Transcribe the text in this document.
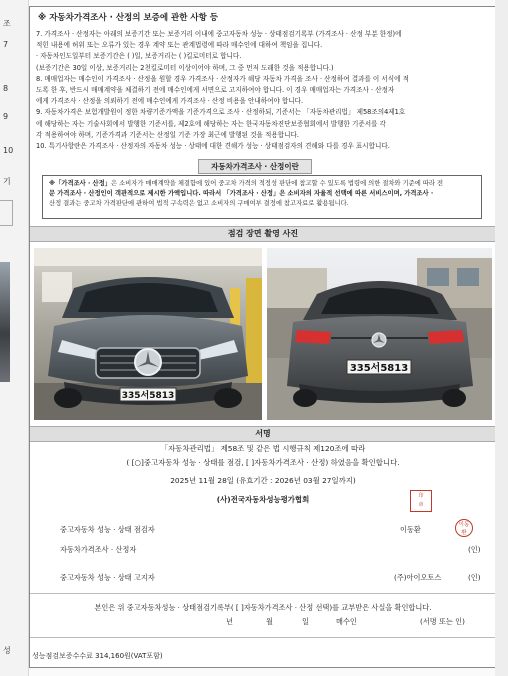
조
7
8
9
10
기
성
※ 자동차가격조사 · 산정의 보증에 관한 사항 등
7. 가격조사 · 산정자는 아래의 보증기간 또는 보증거리 이내에 중고자동차 성능 · 상태점검기록부 (가격조사 · 산정 부분 한정)에
적힌 내용에 허위 또는 오류가 있는 경우 계약 또는 관계법령에 따라 매수인에 대하여 책임을 집니다.
· 자동차인도일부터 보증기간은 ( )일, 보증거리는 ( )킬로미터로 합니다.
(보증기간은 30일 이상, 보증거리는 2천킬로미터 이상이어야 하며, 그 중 먼저 도래한 것을 적용합니다.)
8. 매매업자는 매수인이 가격조사 · 산정을 원할 경우 가격조사 · 산정자가 해당 자동차 가격을 조사 · 산정하여 결과를 이 서식에 적
도록 한 후, 반드시 매매계약을 체결하기 전에 매수인에게 서면으로 고지하여야 합니다. 이 경우 매매업자는 가격조사 · 산정자
에게 가격조사 · 산정을 의뢰하기 전에 매수인에게 가격조사 · 산정 비용을 안내하여야 합니다.
9. 자동차가격은 보험개발원이 정한 차량기준가액을 기준가격으로 조사 · 산정하되, 기준서는 「자동차관리법」 제58조의4제1호
에 해당하는 자는 기술사회에서 발행한 기준서를, 제2호에 해당하는 자는 한국자동차진단보증협회에서 발행한 기준서를 각
각 적용하여야 하며, 기준가격과 기준서는 산정일 기준 가장 최근에 발행된 것을 적용합니다.
10. 특기사항란은 가격조사 · 산정자의 자동차 성능 · 상태에 대한 견해가 성능 · 상태점검자의 견해와 다를 경우 표시합니다.
자동차가격조사 · 산정이란
※「가격조사 · 산정」은 소비자가 매매계약을 체결함에 있어 중고차 가격의 적정성 판단에 참고할 수 있도록 법령에 의한 절차와 기준에 따라 전
문 가격조사 · 산정인이 객관적으로 제시한 가액입니다. 따라서 「가격조사 · 산정」은 소비자의 자율적 선택에 따른 서비스이며, 가격조사 ·
산정 결과는 중고차 가격판단에 관하여 법적 구속력은 없고 소비자의 구매여부 결정에 참고자료로 활용됩니다.
점검 장면 촬영 사진
335서5813
335서5813
서명
「자동차관리법」 제58조 및 같은 법 시행규칙 제120조에 따라
( [○]중고자동차 성능 · 상태를 점검, [ ]자동차가격조사 · 산정) 하였음을 확인합니다.
2025년 11월 28일 (유효기간 : 2026년 03월 27일까지)
(사)전국자동차성능평가협회	印
章
중고자동차 성능 · 상태 점검자	이동환	이동
환
자동차가격조사 · 산정자	(인)
중고자동차 성능 · 상태 고지자	(주)아이오토스	(인)
본인은 위 중고자동차성능 · 상태점검기록부( [ ]자동차가격조사 · 산정 선택)를 교부받은 사실을 확인합니다.
년	월	일	매수인	(서명 또는 인)
성능점검보증수수료 314,160원(VAT포함)
